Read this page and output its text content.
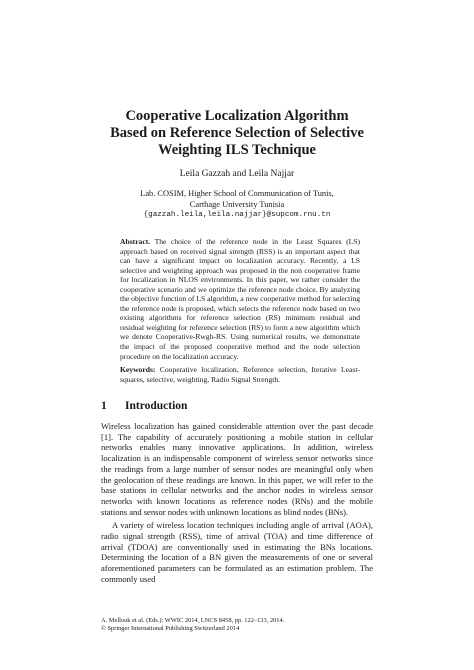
Cooperative Localization Algorithm
Based on Reference Selection of Selective
Weighting ILS Technique
Leila Gazzah and Leila Najjar
Lab. COSIM, Higher School of Communication of Tunis,
Carthage University Tunisia
{gazzah.leila,leila.najjar}@supcom.rnu.tn
Abstract. The choice of the reference node in the Least Squares (LS) approach based on received signal strength (RSS) is an important aspect that can have a significant impact on localization accuracy. Recently, a LS selective and weighting approach was proposed in the non cooperative frame for localization in NLOS environments. In this paper, we rather consider the cooperative scenario and we optimize the reference node choice. By analyzing the objective function of LS algorithm, a new cooperative method for selecting the reference node is proposed, which selects the reference node based on two existing algorithms for reference selection (RS) minimum residual and residual weighting for reference selection (RS) to form a new algorithm which we denote Cooperative-Rwgh-RS. Using numerical results, we demonstrate the impact of the proposed cooperative method and the node selection procedure on the localization accuracy.
Keywords: Cooperative localization, Reference selection, Iterative Least-squares, selective, weighting, Radio Signal Strength.
1 Introduction

Wireless localization has gained considerable attention over the past decade [1]. The capability of accurately positioning a mobile station in cellular networks enables many innovative applications. In addition, wireless localization is an indispensable component of wireless sensor networks since the readings from a large number of sensor nodes are meaningful only when the geolocation of these readings are known. In this paper, we will refer to the base stations in cellular networks and the anchor nodes in wireless sensor networks with known locations as reference nodes (RNs) and the mobile stations and sensor nodes with unknown locations as blind nodes (BNs).

A variety of wireless location techniques including angle of arrival (AOA), radio signal strength (RSS), time of arrival (TOA) and time difference of arrival (TDOA) are conventionally used in estimating the BNs locations. Determining the location of a BN given the measurements of one or several aforementioned parameters can be formulated as an estimation problem. The commonly used

A. Mellouk et al. (Eds.): WWIC 2014, LNCS 8458, pp. 122–133, 2014.
© Springer International Publishing Switzerland 2014
